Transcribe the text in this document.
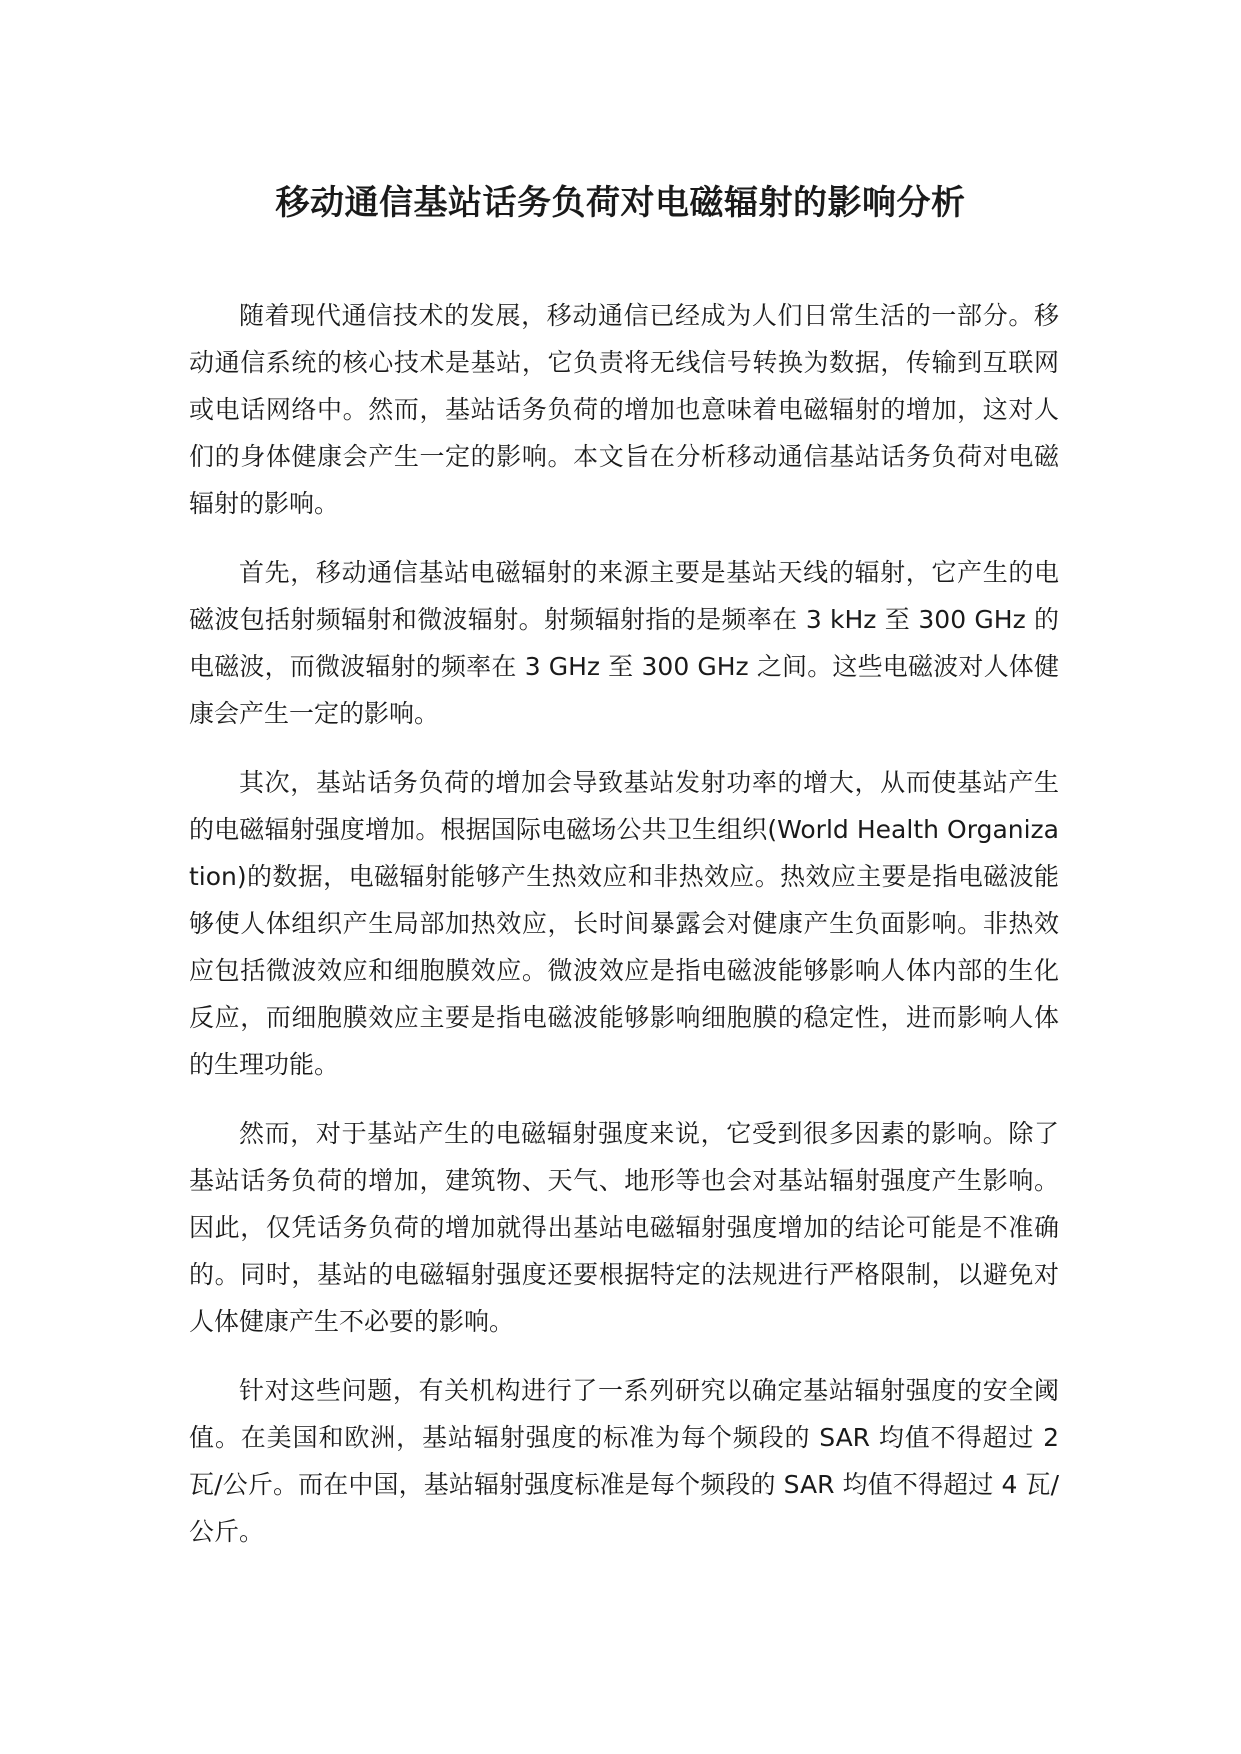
移动通信基站话务负荷对电磁辐射的影响分析

随着现代通信技术的发展，移动通信已经成为人们日常生活的一部分。移动通信系统的核心技术是基站，它负责将无线信号转换为数据，传输到互联网或电话网络中。然而，基站话务负荷的增加也意味着电磁辐射的增加，这对人们的身体健康会产生一定的影响。本文旨在分析移动通信基站话务负荷对电磁辐射的影响。

首先，移动通信基站电磁辐射的来源主要是基站天线的辐射，它产生的电磁波包括射频辐射和微波辐射。射频辐射指的是频率在 3 kHz 至 300 GHz 的电磁波，而微波辐射的频率在 3 GHz 至 300 GHz 之间。这些电磁波对人体健康会产生一定的影响。

其次，基站话务负荷的增加会导致基站发射功率的增大，从而使基站产生的电磁辐射强度增加。根据国际电磁场公共卫生组织(World Health Organization)的数据，电磁辐射能够产生热效应和非热效应。热效应主要是指电磁波能够使人体组织产生局部加热效应，长时间暴露会对健康产生负面影响。非热效应包括微波效应和细胞膜效应。微波效应是指电磁波能够影响人体内部的生化反应，而细胞膜效应主要是指电磁波能够影响细胞膜的稳定性，进而影响人体的生理功能。

然而，对于基站产生的电磁辐射强度来说，它受到很多因素的影响。除了基站话务负荷的增加，建筑物、天气、地形等也会对基站辐射强度产生影响。因此，仅凭话务负荷的增加就得出基站电磁辐射强度增加的结论可能是不准确的。同时，基站的电磁辐射强度还要根据特定的法规进行严格限制，以避免对人体健康产生不必要的影响。

针对这些问题，有关机构进行了一系列研究以确定基站辐射强度的安全阈值。在美国和欧洲，基站辐射强度的标准为每个频段的 SAR 均值不得超过 2 瓦/公斤。而在中国，基站辐射强度标准是每个频段的 SAR 均值不得超过 4 瓦/公斤。
